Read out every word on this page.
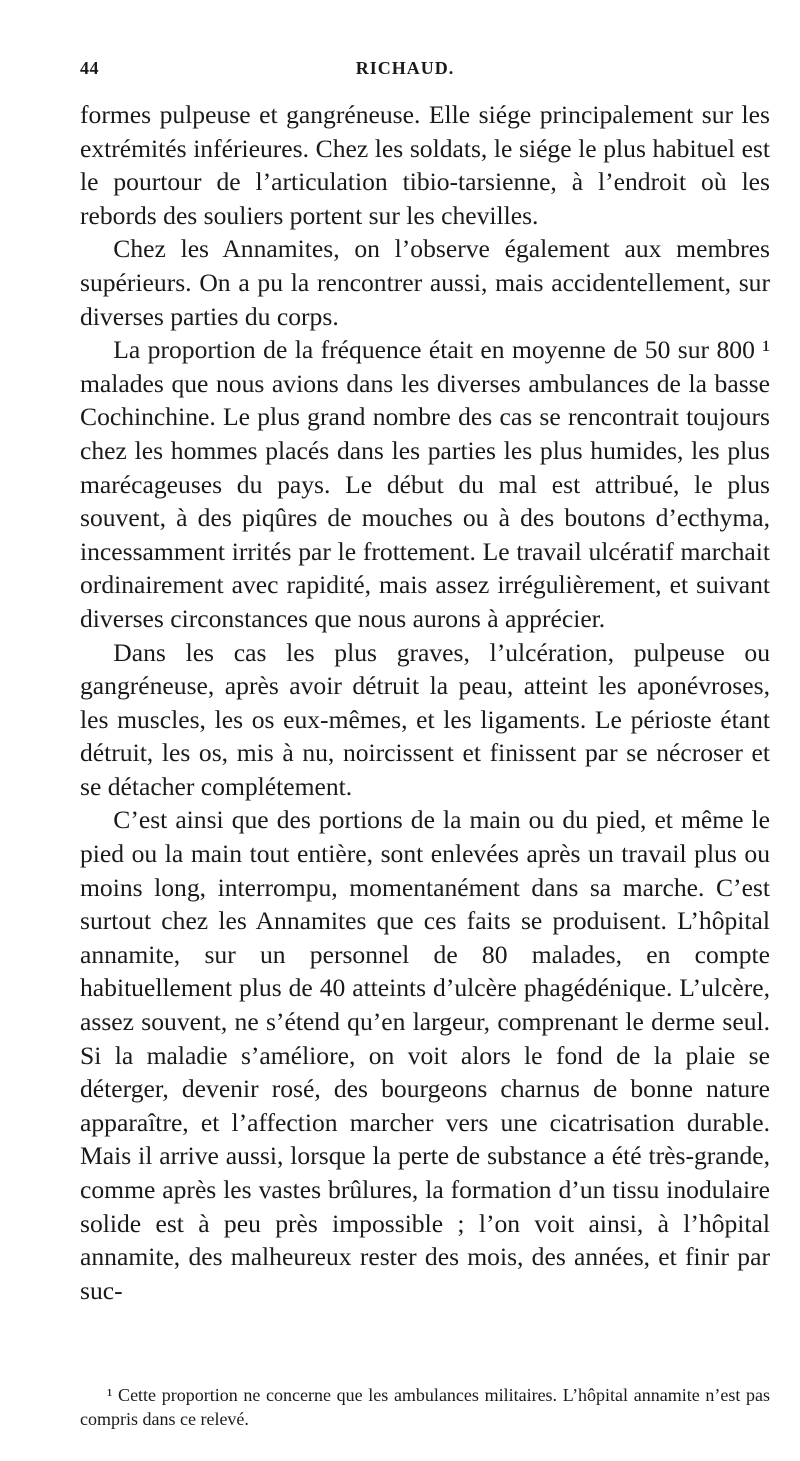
44	RICHAUD.

formes pulpeuse et gangréneuse. Elle siége principalement sur les extrémités inférieures. Chez les soldats, le siége le plus habituel est le pourtour de l’articulation tibio-tarsienne, à l’endroit où les rebords des souliers portent sur les chevilles.

Chez les Annamites, on l’observe également aux membres supérieurs. On a pu la rencontrer aussi, mais accidentellement, sur diverses parties du corps.

La proportion de la fréquence était en moyenne de 50 sur 800 ¹ malades que nous avions dans les diverses ambulances de la basse Cochinchine. Le plus grand nombre des cas se rencontrait toujours chez les hommes placés dans les parties les plus humides, les plus marécageuses du pays. Le début du mal est attribué, le plus souvent, à des piqûres de mouches ou à des boutons d’ecthyma, incessamment irrités par le frottement. Le travail ulcératif marchait ordinairement avec rapidité, mais assez irrégulièrement, et suivant diverses circonstances que nous aurons à apprécier.

Dans les cas les plus graves, l’ulcération, pulpeuse ou gangréneuse, après avoir détruit la peau, atteint les aponévroses, les muscles, les os eux-mêmes, et les ligaments. Le périoste étant détruit, les os, mis à nu, noircissent et finissent par se nécroser et se détacher complétement.

C’est ainsi que des portions de la main ou du pied, et même le pied ou la main tout entière, sont enlevées après un travail plus ou moins long, interrompu, momentanément dans sa marche. C’est surtout chez les Annamites que ces faits se produisent. L’hôpital annamite, sur un personnel de 80 malades, en compte habituellement plus de 40 atteints d’ulcère phagédénique. L’ulcère, assez souvent, ne s’étend qu’en largeur, comprenant le derme seul. Si la maladie s’améliore, on voit alors le fond de la plaie se déterger, devenir rosé, des bourgeons charnus de bonne nature apparaître, et l’affection marcher vers une cicatrisation durable. Mais il arrive aussi, lorsque la perte de substance a été très-grande, comme après les vastes brûlures, la formation d’un tissu inodulaire solide est à peu près impossible ; l’on voit ainsi, à l’hôpital annamite, des malheureux rester des mois, des années, et finir par suc-

¹ Cette proportion ne concerne que les ambulances militaires. L’hôpital annamite n’est pas compris dans ce relevé.
